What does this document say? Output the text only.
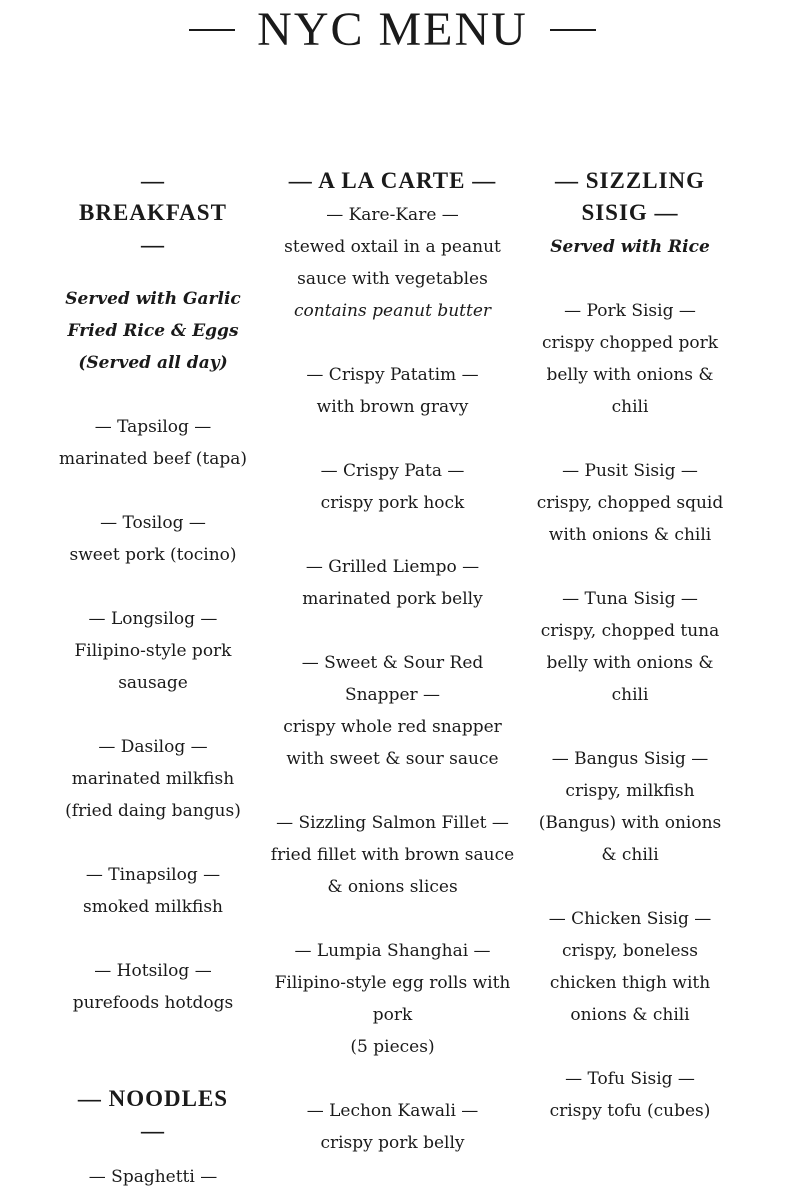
NYC MENU
—
BREAKFAST
—

Served with Garlic Fried Rice & Eggs (Served all day)

— Tapsilog —

marinated beef (tapa)

— Tosilog —

sweet pork (tocino)

— Longsilog —

Filipino-style pork sausage

— Dasilog —

marinated milkfish (fried daing bangus)

— Tinapsilog —

smoked milkfish

— Hotsilog —

purefoods hotdogs

— NOODLES
—

— Spaghetti —

— A LA CARTE —

— Kare-Kare —

stewed oxtail in a peanut sauce with vegetables

contains peanut butter

— Crispy Patatim —

with brown gravy

— Crispy Pata —

crispy pork hock

— Grilled Liempo —

marinated pork belly

— Sweet & Sour Red Snapper —

crispy whole red snapper with sweet & sour sauce

— Sizzling Salmon Fillet —

fried fillet with brown sauce & onions slices

— Lumpia Shanghai —

Filipino-style egg rolls with pork

(5 pieces)

— Lechon Kawali —

crispy pork belly

— SIZZLING SISIG —

Served with Rice

— Pork Sisig —

crispy chopped pork belly with onions & chili

— Pusit Sisig —

crispy, chopped squid with onions & chili

— Tuna Sisig —

crispy, chopped tuna belly with onions & chili

— Bangus Sisig —

crispy, milkfish (Bangus) with onions & chili

— Chicken Sisig —

crispy, boneless chicken thigh with onions & chili

— Tofu Sisig —

crispy tofu (cubes)
